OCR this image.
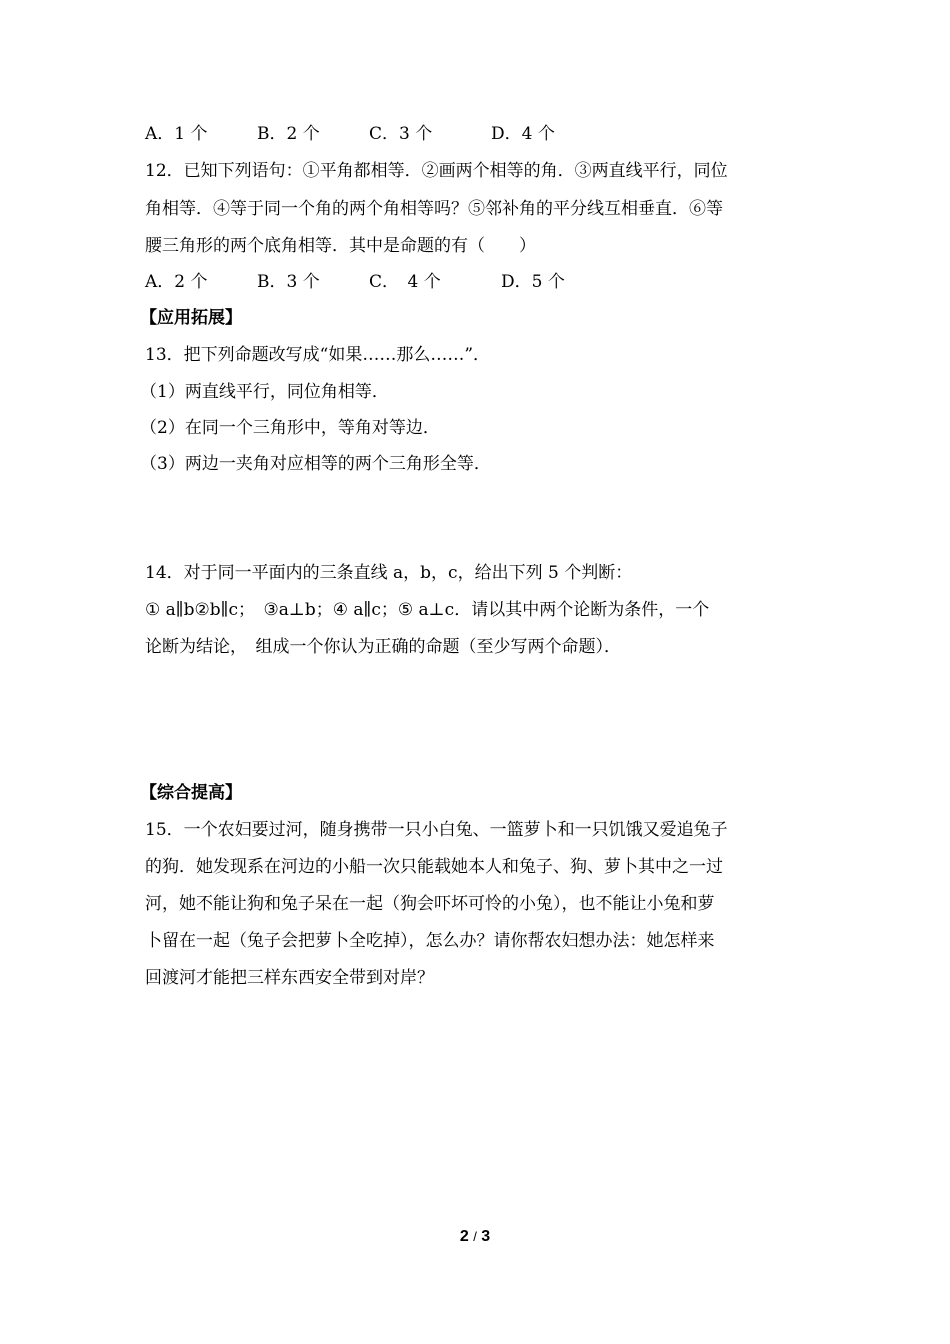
A．1 个	B．2 个	C．3 个	D．4 个
12．已知下列语句：①平角都相等．②画两个相等的角．③两直线平行，同位
角相等．④等于同一个角的两个角相等吗？⑤邻补角的平分线互相垂直．⑥等
腰三角形的两个底角相等．其中是命题的有（　　）
A．2 个	B．3 个	C．　4 个	D．5 个
【应用拓展】
13．把下列命题改写成“如果……那么……”．
（1）两直线平行，同位角相等．
（2）在同一个三角形中，等角对等边．
（3）两边一夹角对应相等的两个三角形全等．
14．对于同一平面内的三条直线 a，b，c，给出下列 5 个判断：
① a∥b②b∥c；　③a⊥b；④ a∥c；⑤ a⊥c．请以其中两个论断为条件，一个
论断为结论，　组成一个你认为正确的命题（至少写两个命题）．
【综合提高】
15．一个农妇要过河，随身携带一只小白兔、一篮萝卜和一只饥饿又爱追兔子
的狗．她发现系在河边的小船一次只能载她本人和兔子、狗、萝卜其中之一过
河，她不能让狗和兔子呆在一起（狗会吓坏可怜的小兔），也不能让小兔和萝
卜留在一起（兔子会把萝卜全吃掉），怎么办？请你帮农妇想办法：她怎样来
回渡河才能把三样东西安全带到对岸？
2 / 3
